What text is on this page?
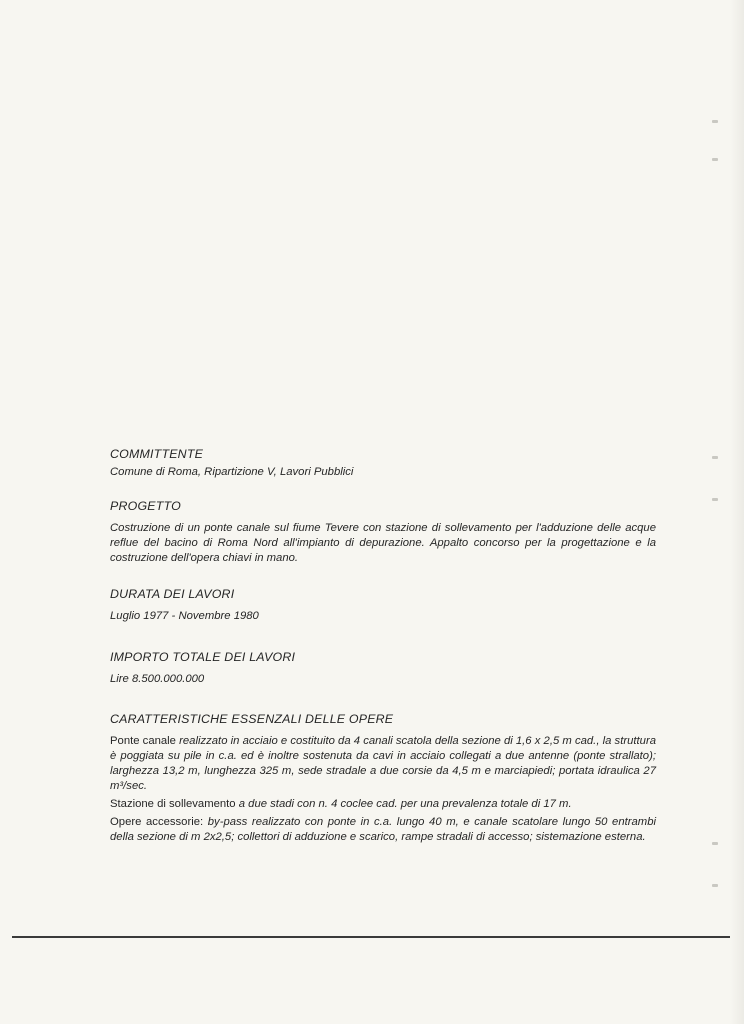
COMMITTENTE

Comune di Roma, Ripartizione V, Lavori Pubblici

PROGETTO

Costruzione di un ponte canale sul fiume Tevere con stazione di sollevamento per l'adduzione delle acque reflue del bacino di Roma Nord all'impianto di depurazione. Appalto concorso per la progettazione e la costruzione dell'opera chiavi in mano.

DURATA DEI LAVORI

Luglio 1977 - Novembre 1980

IMPORTO TOTALE DEI LAVORI

Lire 8.500.000.000

CARATTERISTICHE ESSENZALI DELLE OPERE

Ponte canale realizzato in acciaio e costituito da 4 canali scatola della sezione di 1,6 x 2,5 m cad., la struttura è poggiata su pile in c.a. ed è inoltre sostenuta da cavi in acciaio collegati a due antenne (ponte strallato); larghezza 13,2 m, lunghezza 325 m, sede stradale a due corsie da 4,5 m e marciapiedi; portata idraulica 27 m³/sec.

Stazione di sollevamento a due stadi con n. 4 coclee cad. per una prevalenza totale di 17 m.

Opere accessorie: by-pass realizzato con ponte in c.a. lungo 40 m, e canale scatolare lungo 50 entrambi della sezione di m 2x2,5; collettori di adduzione e scarico, rampe stradali di accesso; sistemazione esterna.
